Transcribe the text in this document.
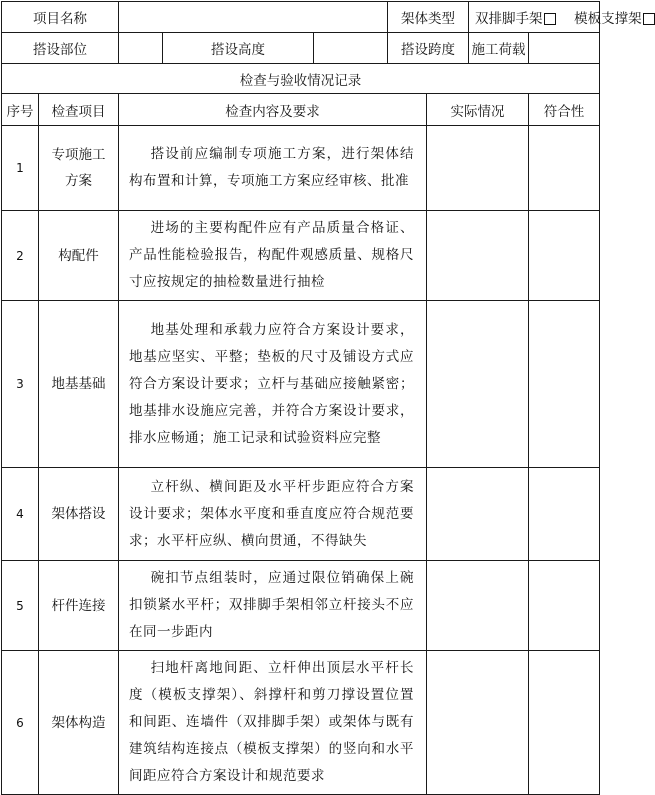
项目名称					架体类型		双排脚手架 模板支撑架	
搭设部位			搭设高度		搭设跨度		施工荷载	
检查与验收情况记录								
序号	检查项目	检查内容及要求				实际情况		符合性
1	专项施工方案	搭设前应编制专项施工方案，进行架体结构布置和计算，专项施工方案应经审核、批准						

2	构配件	进场的主要构配件应有产品质量合格证、产品性能检验报告，构配件观感质量、规格尺寸应按规定的抽检数量进行抽检						

3	地基基础	地基处理和承载力应符合方案设计要求，地基应坚实、平整；垫板的尺寸及铺设方式应符合方案设计要求；立杆与基础应接触紧密；地基排水设施应完善，并符合方案设计要求，排水应畅通；施工记录和试验资料应完整						

4	架体搭设	立杆纵、横间距及水平杆步距应符合方案设计要求；架体水平度和垂直度应符合规范要求；水平杆应纵、横向贯通，不得缺失						

5	杆件连接	碗扣节点组装时，应通过限位销确保上碗扣锁紧水平杆；双排脚手架相邻立杆接头不应在同一步距内						

6	架体构造	扫地杆离地间距、立杆伸出顶层水平杆长度（模板支撑架）、斜撑杆和剪刀撑设置位置和间距、连墙件（双排脚手架）或架体与既有建筑结构连接点（模板支撑架）的竖向和水平间距应符合方案设计和规范要求						
